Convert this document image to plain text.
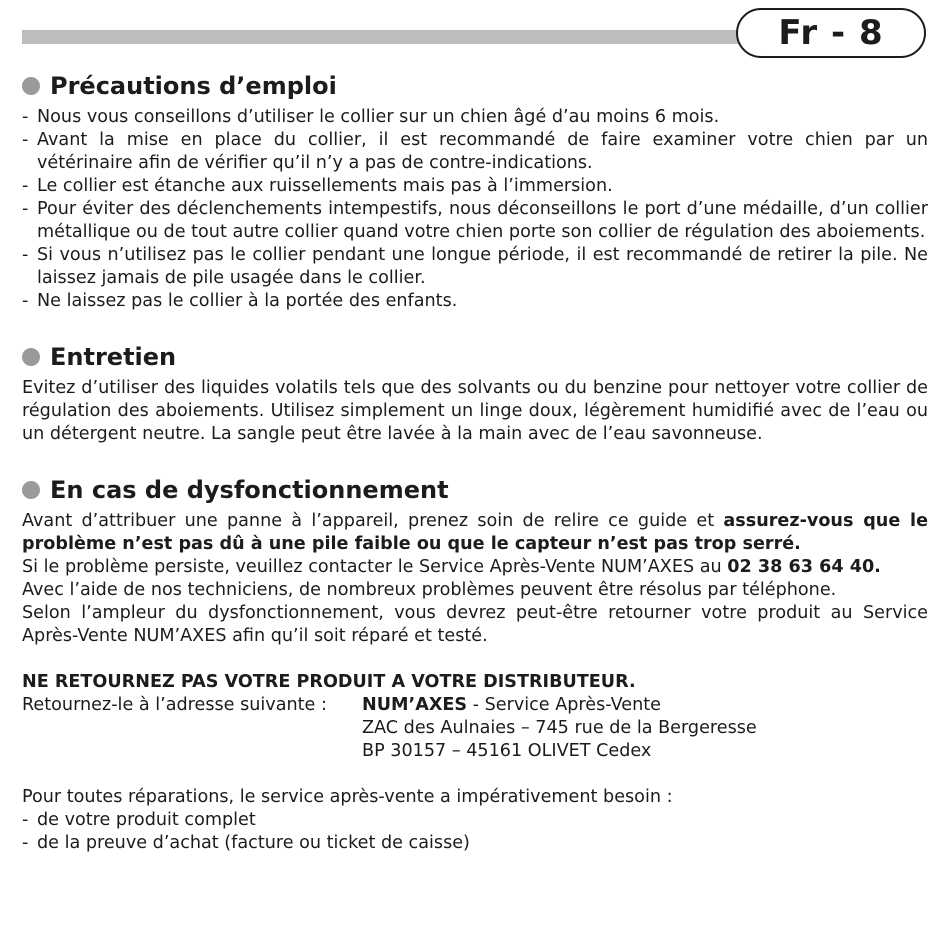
Fr - 8
Précautions d’emploi
- Nous vous conseillons d’utiliser le collier sur un chien âgé d’au moins 6 mois.
- Avant la mise en place du collier, il est recommandé de faire examiner votre chien par un vétérinaire afin de vérifier qu’il n’y a pas de contre-indications.
- Le collier est étanche aux ruissellements mais pas à l’immersion.
- Pour éviter des déclenchements intempestifs, nous déconseillons le port d’une médaille, d’un collier métallique ou de tout autre collier quand votre chien porte son collier de régulation des aboiements.
- Si vous n’utilisez pas le collier pendant une longue période, il est recommandé de retirer la pile. Ne laissez jamais de pile usagée dans le collier.
- Ne laissez pas le collier à la portée des enfants.
Entretien

Evitez d’utiliser des liquides volatils tels que des solvants ou du benzine pour nettoyer votre collier de régulation des aboiements. Utilisez simplement un linge doux, légèrement humidifié avec de l’eau ou un détergent neutre. La sangle peut être lavée à la main avec de l’eau savonneuse.

En cas de dysfonctionnement

Avant d’attribuer une panne à l’appareil, prenez soin de relire ce guide et assurez-vous que le problème n’est pas dû à une pile faible ou que le capteur n’est pas trop serré.

Si le problème persiste, veuillez contacter le Service Après-Vente NUM’AXES au 02 38 63 64 40.

Avec l’aide de nos techniciens, de nombreux problèmes peuvent être résolus par téléphone.

Selon l’ampleur du dysfonctionnement, vous devrez peut-être retourner votre produit au Service Après-Vente NUM’AXES afin qu’il soit réparé et testé.

NE RETOURNEZ PAS VOTRE PRODUIT A VOTRE DISTRIBUTEUR.

Retournez-le à l’adresse suivante :	NUM’AXES - Service Après-Vente
ZAC des Aulnaies – 745 rue de la Bergeresse
BP 30157 – 45161 OLIVET Cedex

Pour toutes réparations, le service après-vente a impérativement besoin :

- de votre produit complet
- de la preuve d’achat (facture ou ticket de caisse)
